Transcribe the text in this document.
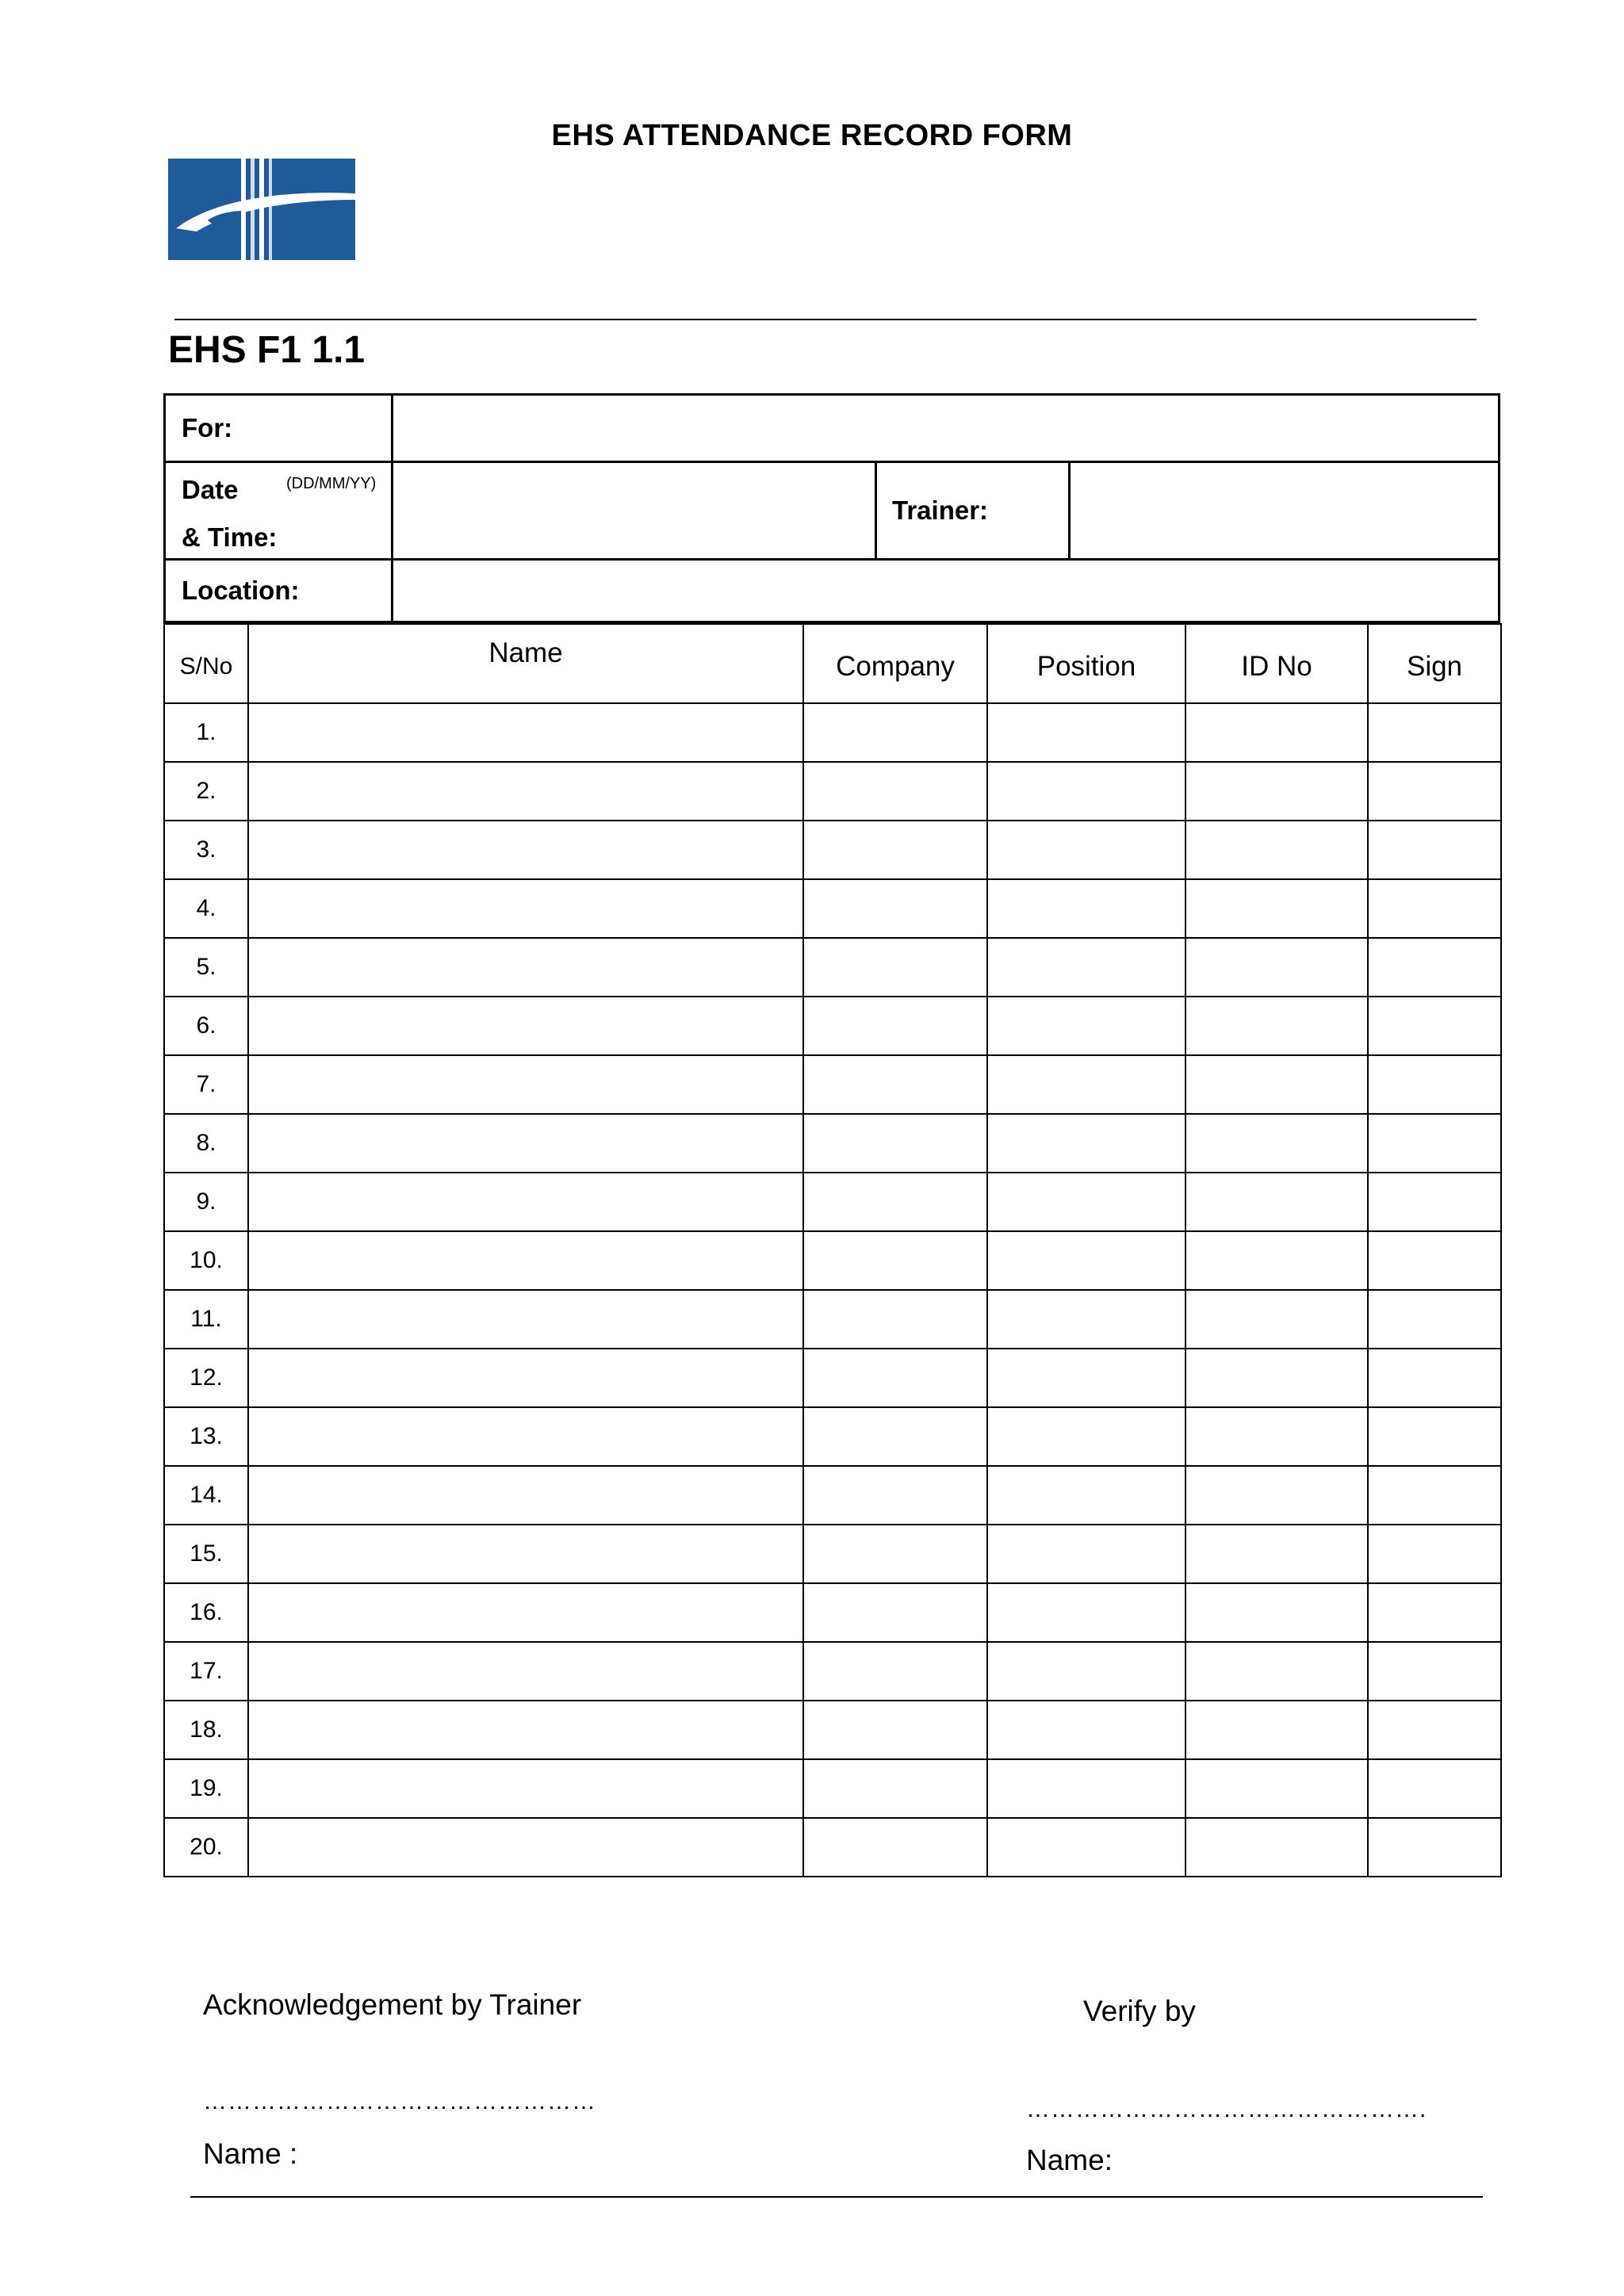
EHS ATTENDANCE RECORD FORM
EHS F1 1.1
For:
Date	(DD/MM/YY)
& Time:
Trainer:
Location:
S/No	Name	Company	Position	ID No	Sign
1.					
2.					
3.					
4.					
5.					
6.					
7.					
8.					
9.					
10.					
11.					
12.					
13.					
14.					
15.					
16.					
17.					
18.					
19.					
20.					
Acknowledgement by Trainer
…………………………………………
Name :
Verify by
………………………………………….
Name:
